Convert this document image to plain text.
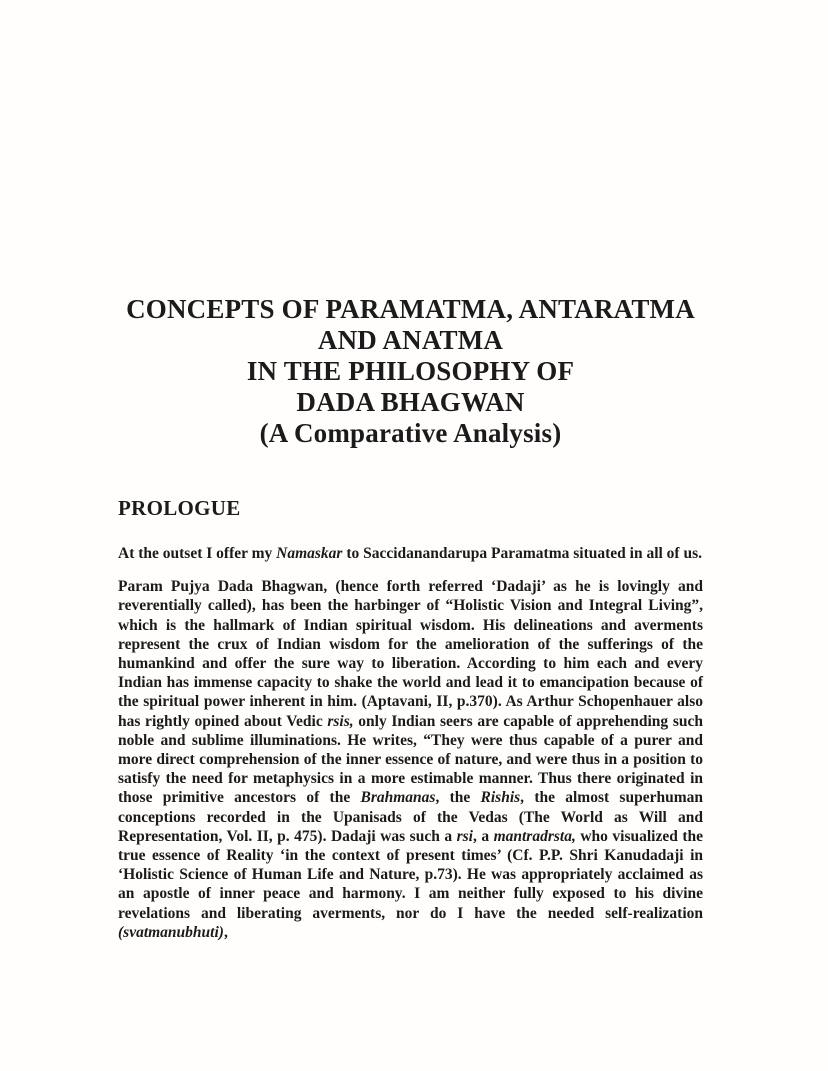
CONCEPTS OF PARAMATMA, ANTARATMA
AND ANATMA
IN THE PHILOSOPHY OF
DADA BHAGWAN
(A Comparative Analysis)
PROLOGUE

At the outset I offer my Namaskar to Saccidanandarupa Paramatma situated in all of us.

Param Pujya Dada Bhagwan, (hence forth referred ‘Dadaji’ as he is lovingly and reverentially called), has been the harbinger of “Holistic Vision and Integral Living”, which is the hallmark of Indian spiritual wisdom. His delineations and averments represent the crux of Indian wisdom for the amelioration of the sufferings of the humankind and offer the sure way to liberation. According to him each and every Indian has immense capacity to shake the world and lead it to emancipation because of the spiritual power inherent in him. (Aptavani, II, p.370). As Arthur Schopenhauer also has rightly opined about Vedic rsis, only Indian seers are capable of apprehending such noble and sublime illuminations. He writes, “They were thus capable of a purer and more direct comprehension of the inner essence of nature, and were thus in a position to satisfy the need for metaphysics in a more estimable manner. Thus there originated in those primitive ancestors of the Brahmanas, the Rishis, the almost superhuman conceptions recorded in the Upanisads of the Vedas (The World as Will and Representation, Vol. II, p. 475). Dadaji was such a rsi, a mantradrsta, who visualized the true essence of Reality ‘in the context of present times’ (Cf. P.P. Shri Kanudadaji in ‘Holistic Science of Human Life and Nature, p.73). He was appropriately acclaimed as an apostle of inner peace and harmony. I am neither fully exposed to his divine revelations and liberating averments, nor do I have the needed self-realization (svatmanubhuti),
